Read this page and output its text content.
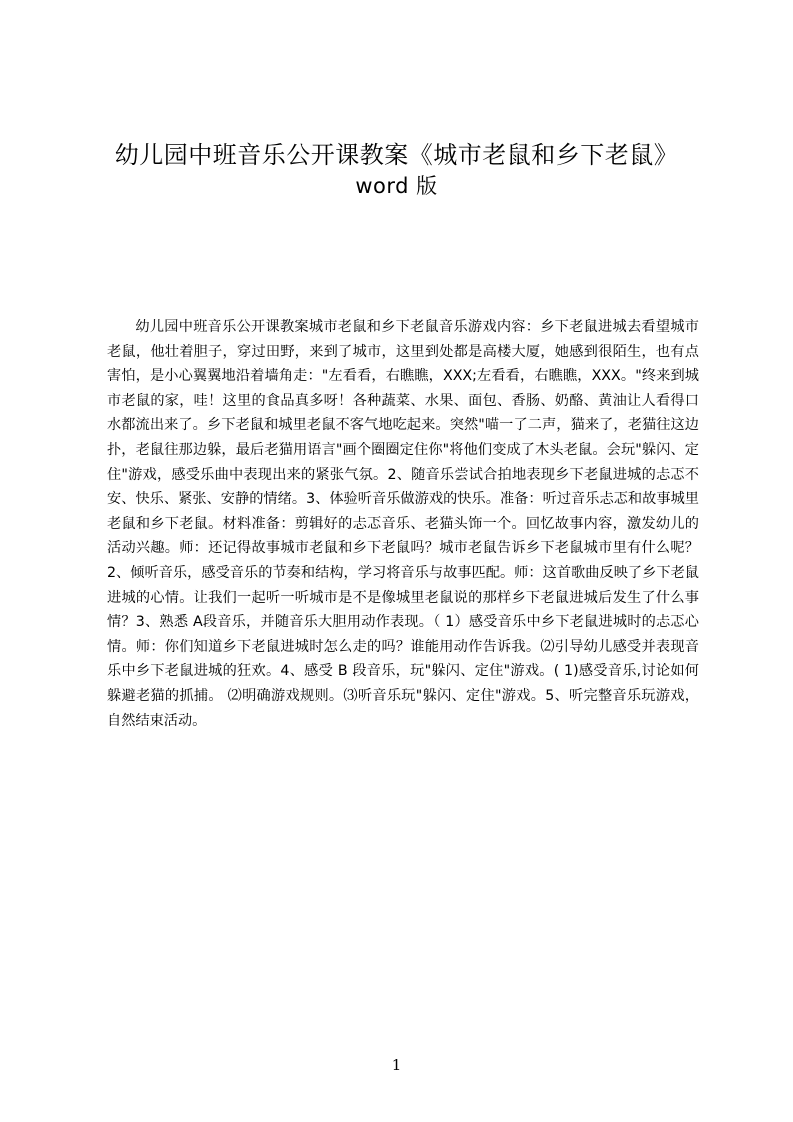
幼儿园中班音乐公开课教案《城市老鼠和乡下老鼠》
word 版

幼儿园中班音乐公开课教案城市老鼠和乡下老鼠音乐游戏内容：乡下老鼠进城去看望城市老鼠，他壮着胆子，穿过田野，来到了城市，这里到处都是高楼大厦，她感到很陌生，也有点害怕，是小心翼翼地沿着墙角走："左看看，右瞧瞧，XXX;左看看，右瞧瞧，XXX。"终来到城市老鼠的家，哇！这里的食品真多呀！各种蔬菜、水果、面包、香肠、奶酪、黄油让人看得口水都流出来了。乡下老鼠和城里老鼠不客气地吃起来。突然"喵一了二声，猫来了，老猫往这边扑，老鼠往那边躲，最后老猫用语言"画个圈圈定住你"将他们变成了木头老鼠。会玩"躲闪、定住"游戏，感受乐曲中表现出来的紧张气氛。2、随音乐尝试合拍地表现乡下老鼠进城的忐忑不安、快乐、紧张、安静的情绪。3、体验听音乐做游戏的快乐。准备：听过音乐忐忑和故事城里老鼠和乡下老鼠。材料准备：剪辑好的忐忑音乐、老猫头饰一个。回忆故事内容，激发幼儿的活动兴趣。师：还记得故事城市老鼠和乡下老鼠吗？城市老鼠告诉乡下老鼠城市里有什么呢？2、倾听音乐，感受音乐的节奏和结构，学习将音乐与故事匹配。师：这首歌曲反映了乡下老鼠进城的心情。让我们一起听一听城市是不是像城里老鼠说的那样乡下老鼠进城后发生了什么事情？3、熟悉 A段音乐，并随音乐大胆用动作表现。（ 1）感受音乐中乡下老鼠进城时的忐忑心情。师：你们知道乡下老鼠进城时怎么走的吗？谁能用动作告诉我。⑵引导幼儿感受并表现音乐中乡下老鼠进城的狂欢。4、感受 B 段音乐，玩"躲闪、定住"游戏。( 1)感受音乐,讨论如何躲避老猫的抓捕。 ⑵明确游戏规则。⑶听音乐玩"躲闪、定住"游戏。5、听完整音乐玩游戏，自然结束活动。

1
